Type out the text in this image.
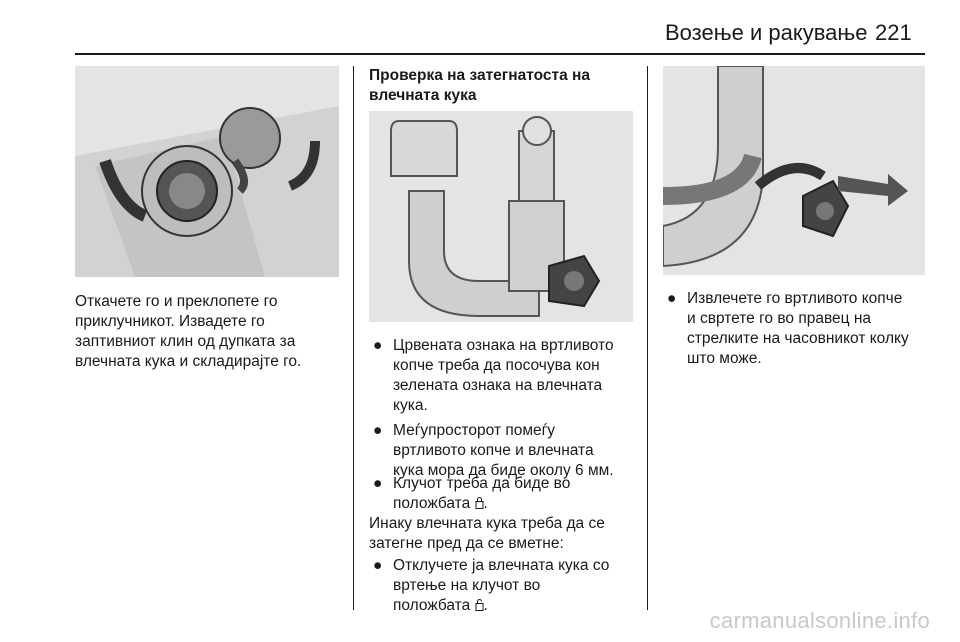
Возење и ракување 221
Откачете го и преклопете го
приклучникот. Извадете го
заптивниот клин од дупката за
влечната кука и складирајте го.
Проверка на затегнатоста на
влечната кука
● Црвената ознака на вртливото
копче треба да посочува кон
зелената ознака на влечната
кука.
● Меѓупросторот помеѓу
вртливото копче и влечната
кука мора да биде околу 6 мм.
● Клучот треба да биде во
положбата .
Инаку влечната кука треба да се
затегне пред да се вметне:
● Отклучете ја влечната кука со
вртење на клучот во
положбата .
● Извлечете го вртливото копче
и свртете го во правец на
стрелките на часовникот колку
што може.
carmanualsonline.info
